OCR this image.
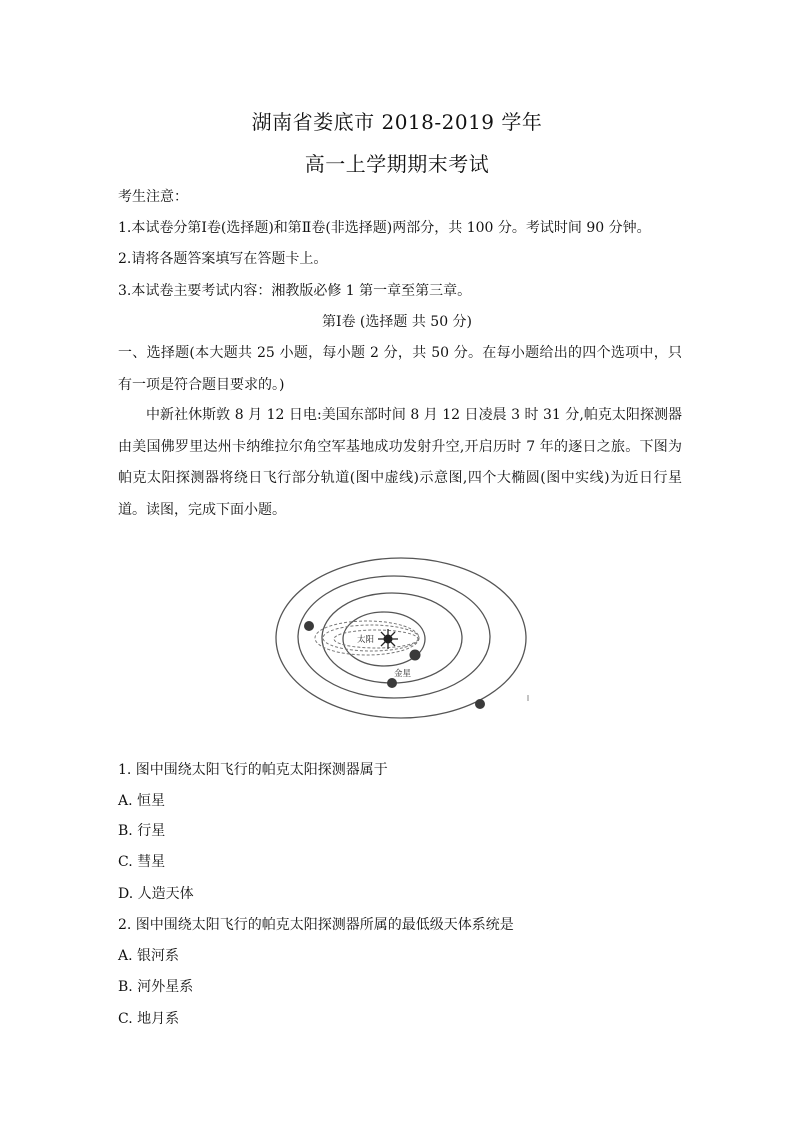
湖南省娄底市 2018-2019 学年
高一上学期期末考试
考生注意：
1.本试卷分第Ⅰ卷(选择题)和第Ⅱ卷(非选择题)两部分，共 100 分。考试时间 90 分钟。
2.请将各题答案填写在答题卡上。
3.本试卷主要考试内容：湘教版必修 1 第一章至第三章。
第Ⅰ卷 (选择题 共 50 分)
一、选择题(本大题共 25 小题，每小题 2 分，共 50 分。在每小题给出的四个选项中，只有一项是符合题目要求的。)
中新社休斯敦 8 月 12 日电:美国东部时间 8 月 12 日凌晨 3 时 31 分,帕克太阳探测器由美国佛罗里达州卡纳维拉尔角空军基地成功发射升空,开启历时 7 年的逐日之旅。下图为帕克太阳探测器将绕日飞行部分轨道(图中虚线)示意图,四个大椭圆(图中实线)为近日行星道。读图，完成下面小题。
太阳
金星
1. 图中围绕太阳飞行的帕克太阳探测器属于
A. 恒星
B. 行星
C. 彗星
D. 人造天体
2. 图中围绕太阳飞行的帕克太阳探测器所属的最低级天体系统是
A. 银河系
B. 河外星系
C. 地月系
